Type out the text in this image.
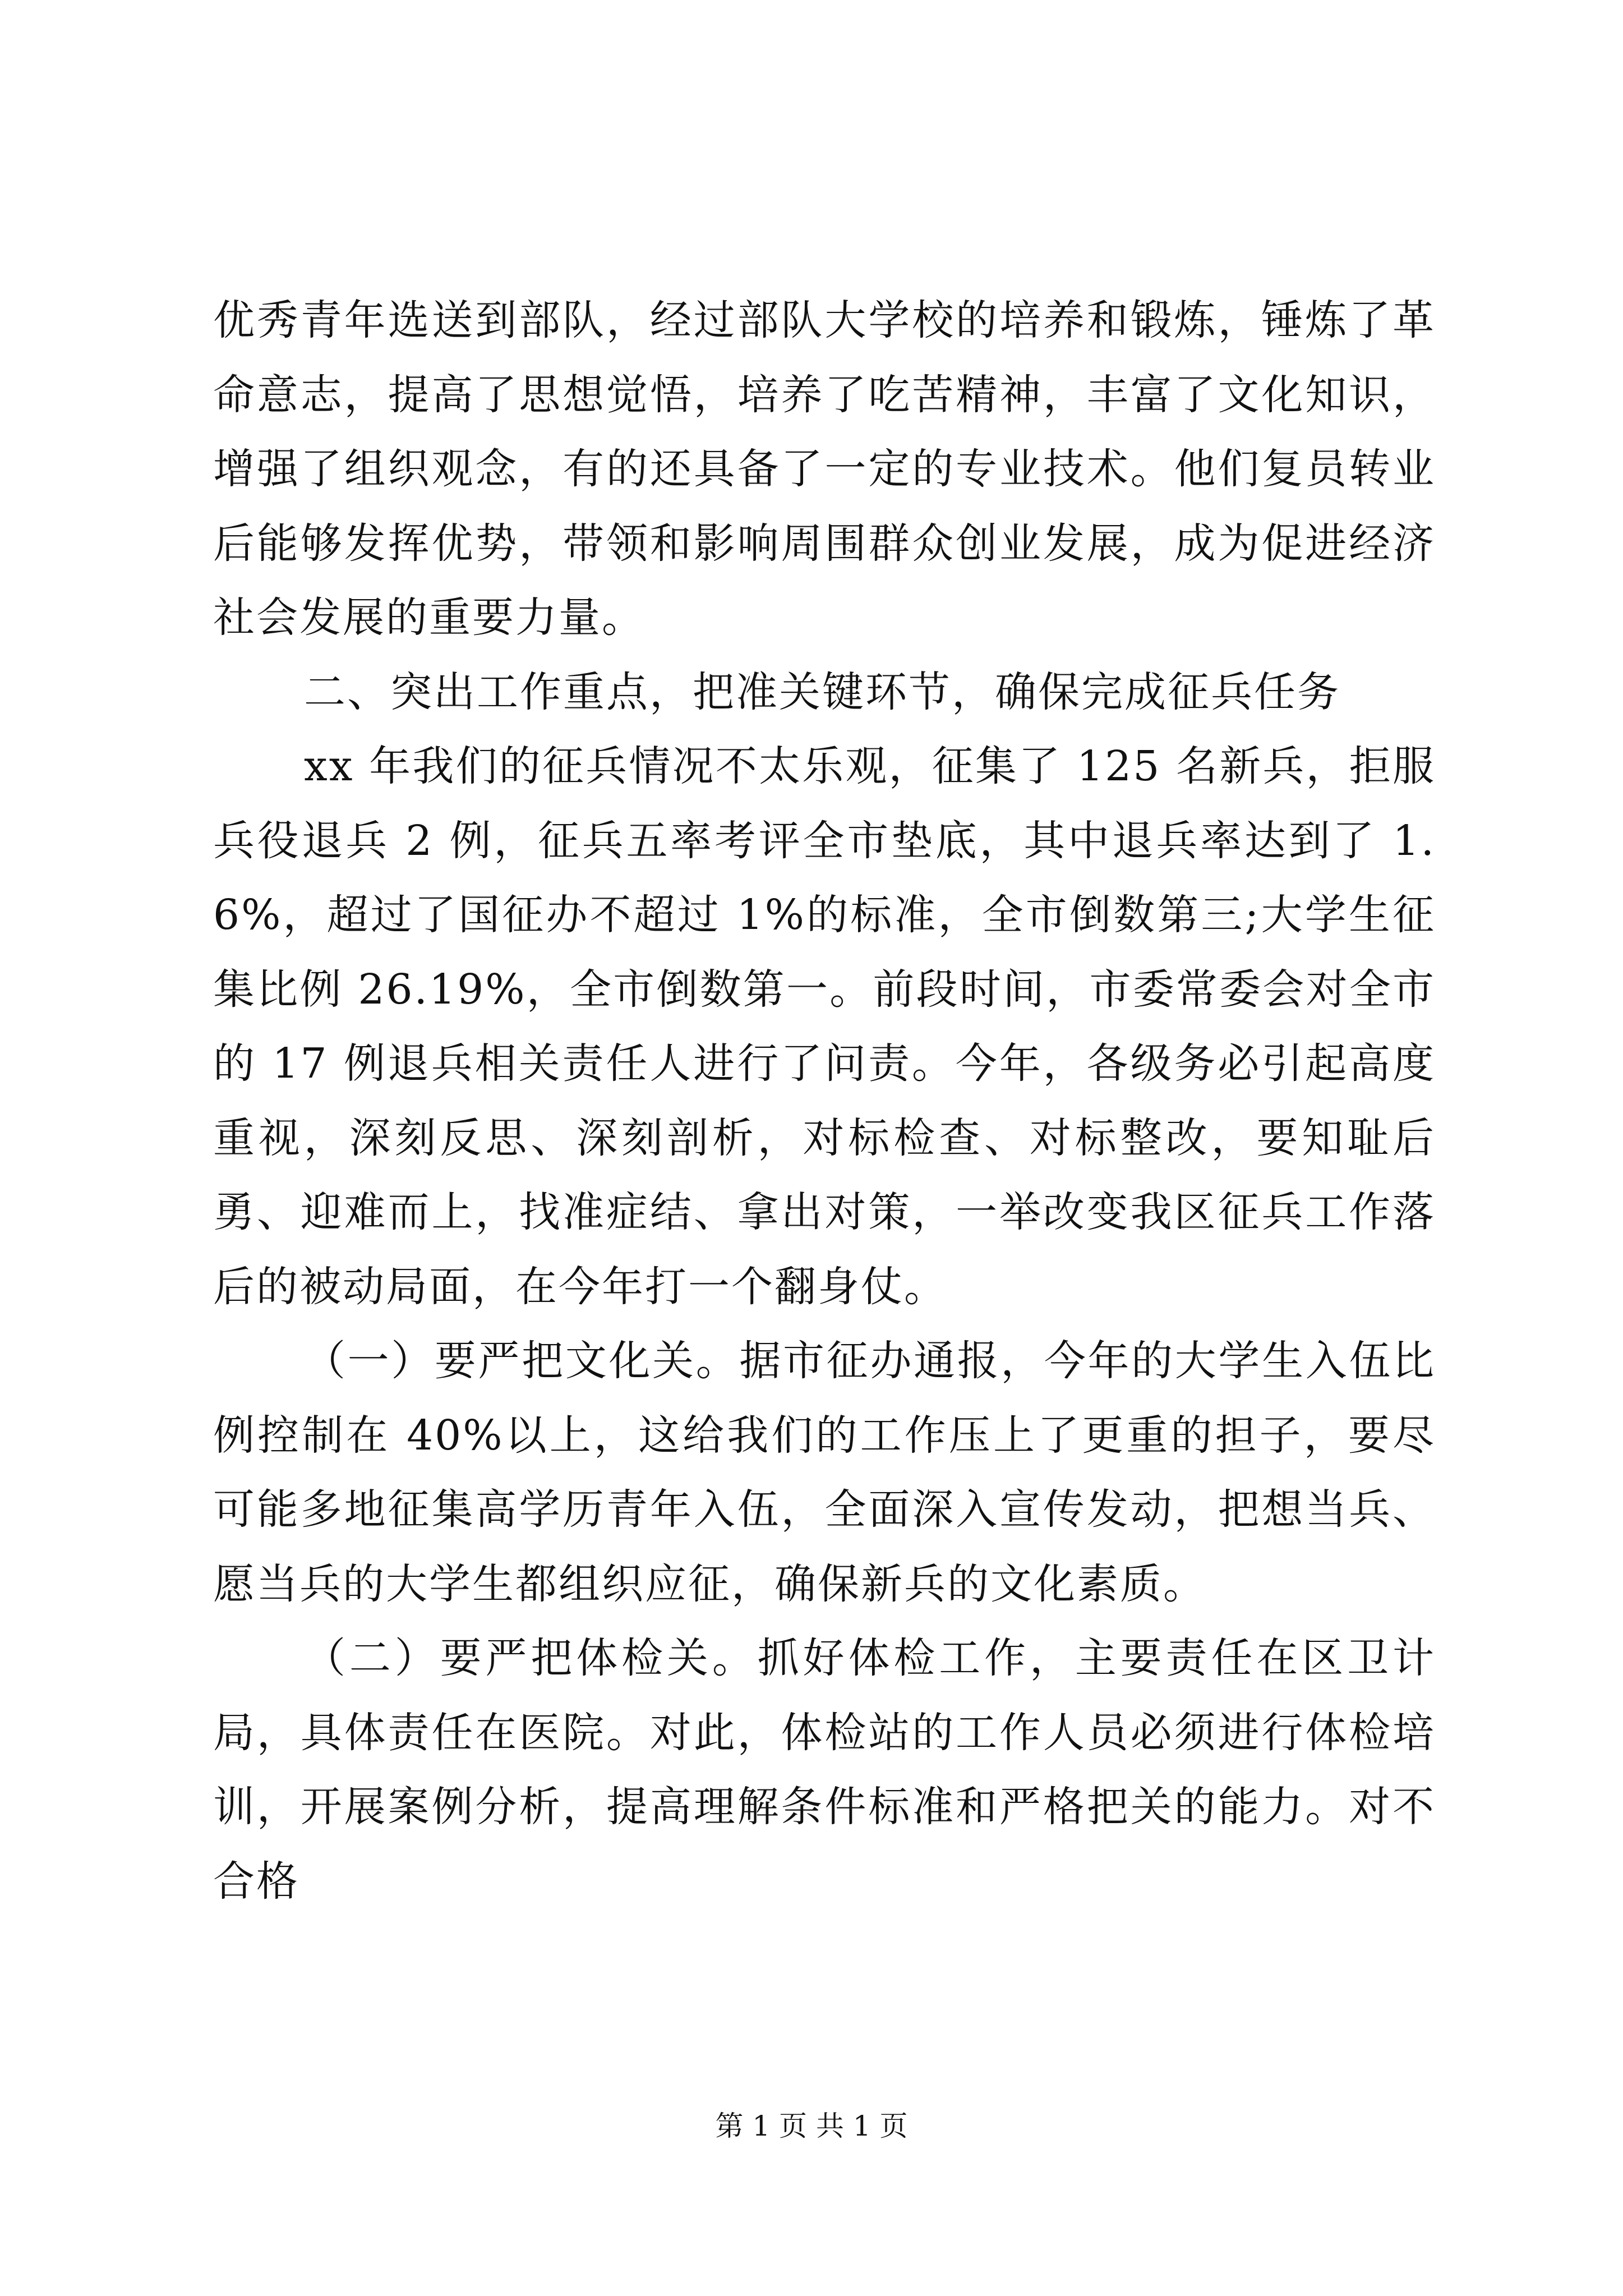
优秀青年选送到部队，经过部队大学校的培养和锻炼，锤炼了革命意志，提高了思想觉悟，培养了吃苦精神，丰富了文化知识，增强了组织观念，有的还具备了一定的专业技术。他们复员转业后能够发挥优势，带领和影响周围群众创业发展，成为促进经济社会发展的重要力量。

二、突出工作重点，把准关键环节，确保完成征兵任务

xx 年我们的征兵情况不太乐观，征集了 125 名新兵，拒服兵役退兵 2 例，征兵五率考评全市垫底，其中退兵率达到了 1.6%，超过了国征办不超过 1%的标准，全市倒数第三;大学生征集比例 26.19%，全市倒数第一。前段时间，市委常委会对全市的 17 例退兵相关责任人进行了问责。今年，各级务必引起高度重视，深刻反思、深刻剖析，对标检查、对标整改，要知耻后勇、迎难而上，找准症结、拿出对策，一举改变我区征兵工作落后的被动局面，在今年打一个翻身仗。

（一）要严把文化关。据市征办通报，今年的大学生入伍比例控制在 40%以上，这给我们的工作压上了更重的担子，要尽可能多地征集高学历青年入伍，全面深入宣传发动，把想当兵、愿当兵的大学生都组织应征，确保新兵的文化素质。

（二）要严把体检关。抓好体检工作，主要责任在区卫计局，具体责任在医院。对此，体检站的工作人员必须进行体检培训，开展案例分析，提高理解条件标准和严格把关的能力。对不合格

第 1 页 共 1 页
